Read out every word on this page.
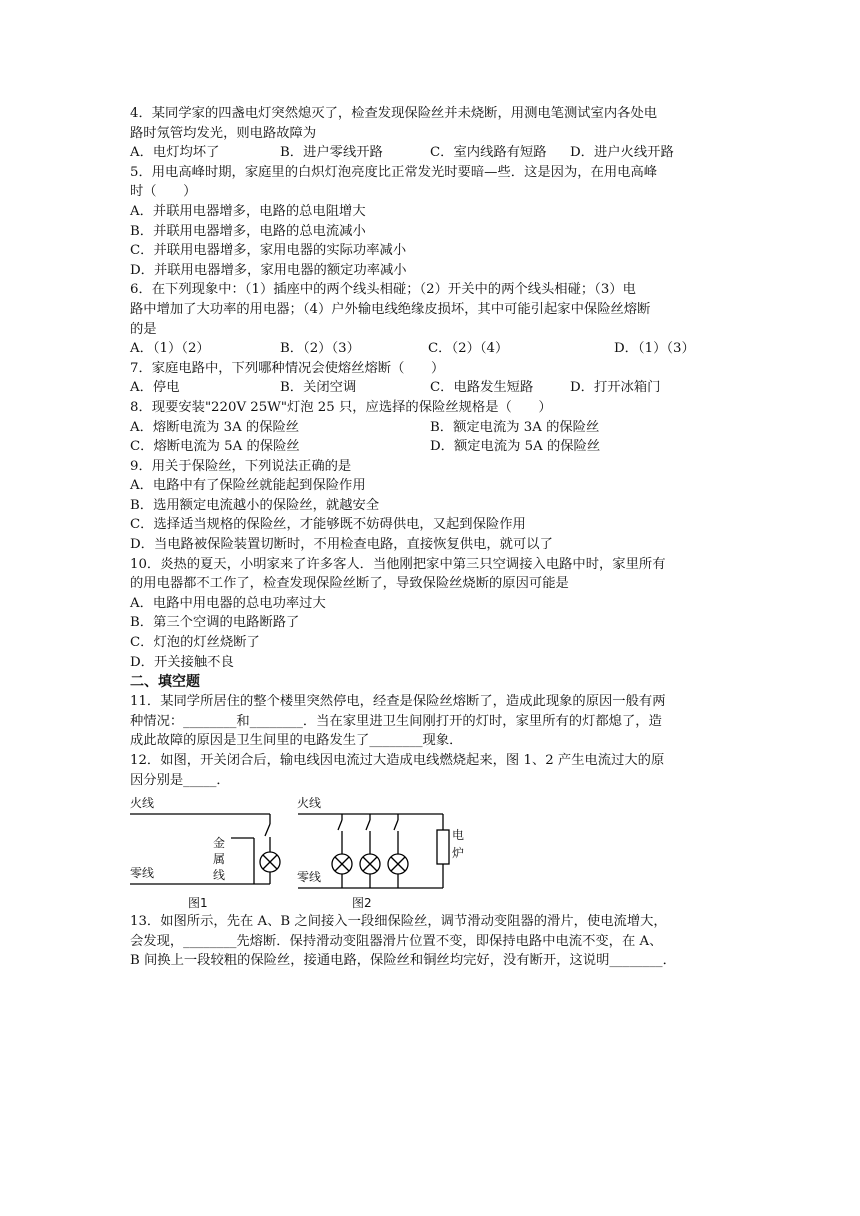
4．某同学家的四盏电灯突然熄灭了，检查发现保险丝并未烧断，用测电笔测试室内各处电
路时氖管均发光，则电路故障为
A．电灯均坏了	B．进户零线开路	C．室内线路有短路	D．进户火线开路
5．用电高峰时期，家庭里的白炽灯泡亮度比正常发光时要暗—些．这是因为，在用电高峰
时（　　）
A．并联用电器增多，电路的总电阻增大
B．并联用电器增多，电路的总电流减小
C．并联用电器增多，家用电器的实际功率减小
D．并联用电器增多，家用电器的额定功率减小
6．在下列现象中：（1）插座中的两个线头相碰；（2）开关中的两个线头相碰；（3）电
路中增加了大功率的用电器；（4）户外输电线绝缘皮损坏，其中可能引起家中保险丝熔断
的是
A．（1）（2）	B．（2）（3）	C．（2）（4）	D．（1）（3）
7．家庭电路中，下列哪种情况会使熔丝熔断（　　）
A．停电	B．关闭空调	C．电路发生短路	D．打开冰箱门
8．现要安装"220V 25W"灯泡 25 只，应选择的保险丝规格是（　　）
A．熔断电流为 3A 的保险丝	B．额定电流为 3A 的保险丝
C．熔断电流为 5A 的保险丝	D．额定电流为 5A 的保险丝
9．用关于保险丝，下列说法正确的是
A．电路中有了保险丝就能起到保险作用
B．选用额定电流越小的保险丝，就越安全
C．选择适当规格的保险丝，才能够既不妨碍供电，又起到保险作用
D．当电路被保险装置切断时，不用检查电路，直接恢复供电，就可以了
10．炎热的夏天，小明家来了许多客人．当他刚把家中第三只空调接入电路中时，家里所有
的用电器都不工作了，检查发现保险丝断了，导致保险丝烧断的原因可能是
A．电路中用电器的总电功率过大
B．第三个空调的电路断路了
C．灯泡的灯丝烧断了
D．开关接触不良
二、填空题
11．某同学所居住的整个楼里突然停电，经查是保险丝熔断了，造成此现象的原因一般有两
种情况：________和________．当在家里进卫生间刚打开的灯时，家里所有的灯都熄了，造
成此故障的原因是卫生间里的电路发生了________现象．
12．如图，开关闭合后，输电线因电流过大造成电线燃烧起来，图 1、2 产生电流过大的原
因分别是_____．
火线
零线
金
属
线
图1
火线
零线
电
炉
图2
13．如图所示，先在 A、B 之间接入一段细保险丝，调节滑动变阻器的滑片，使电流增大，
会发现，________先熔断．保持滑动变阻器滑片位置不变，即保持电路中电流不变，在 A、
B 间换上一段较粗的保险丝，接通电路，保险丝和铜丝均完好，没有断开，这说明________．
